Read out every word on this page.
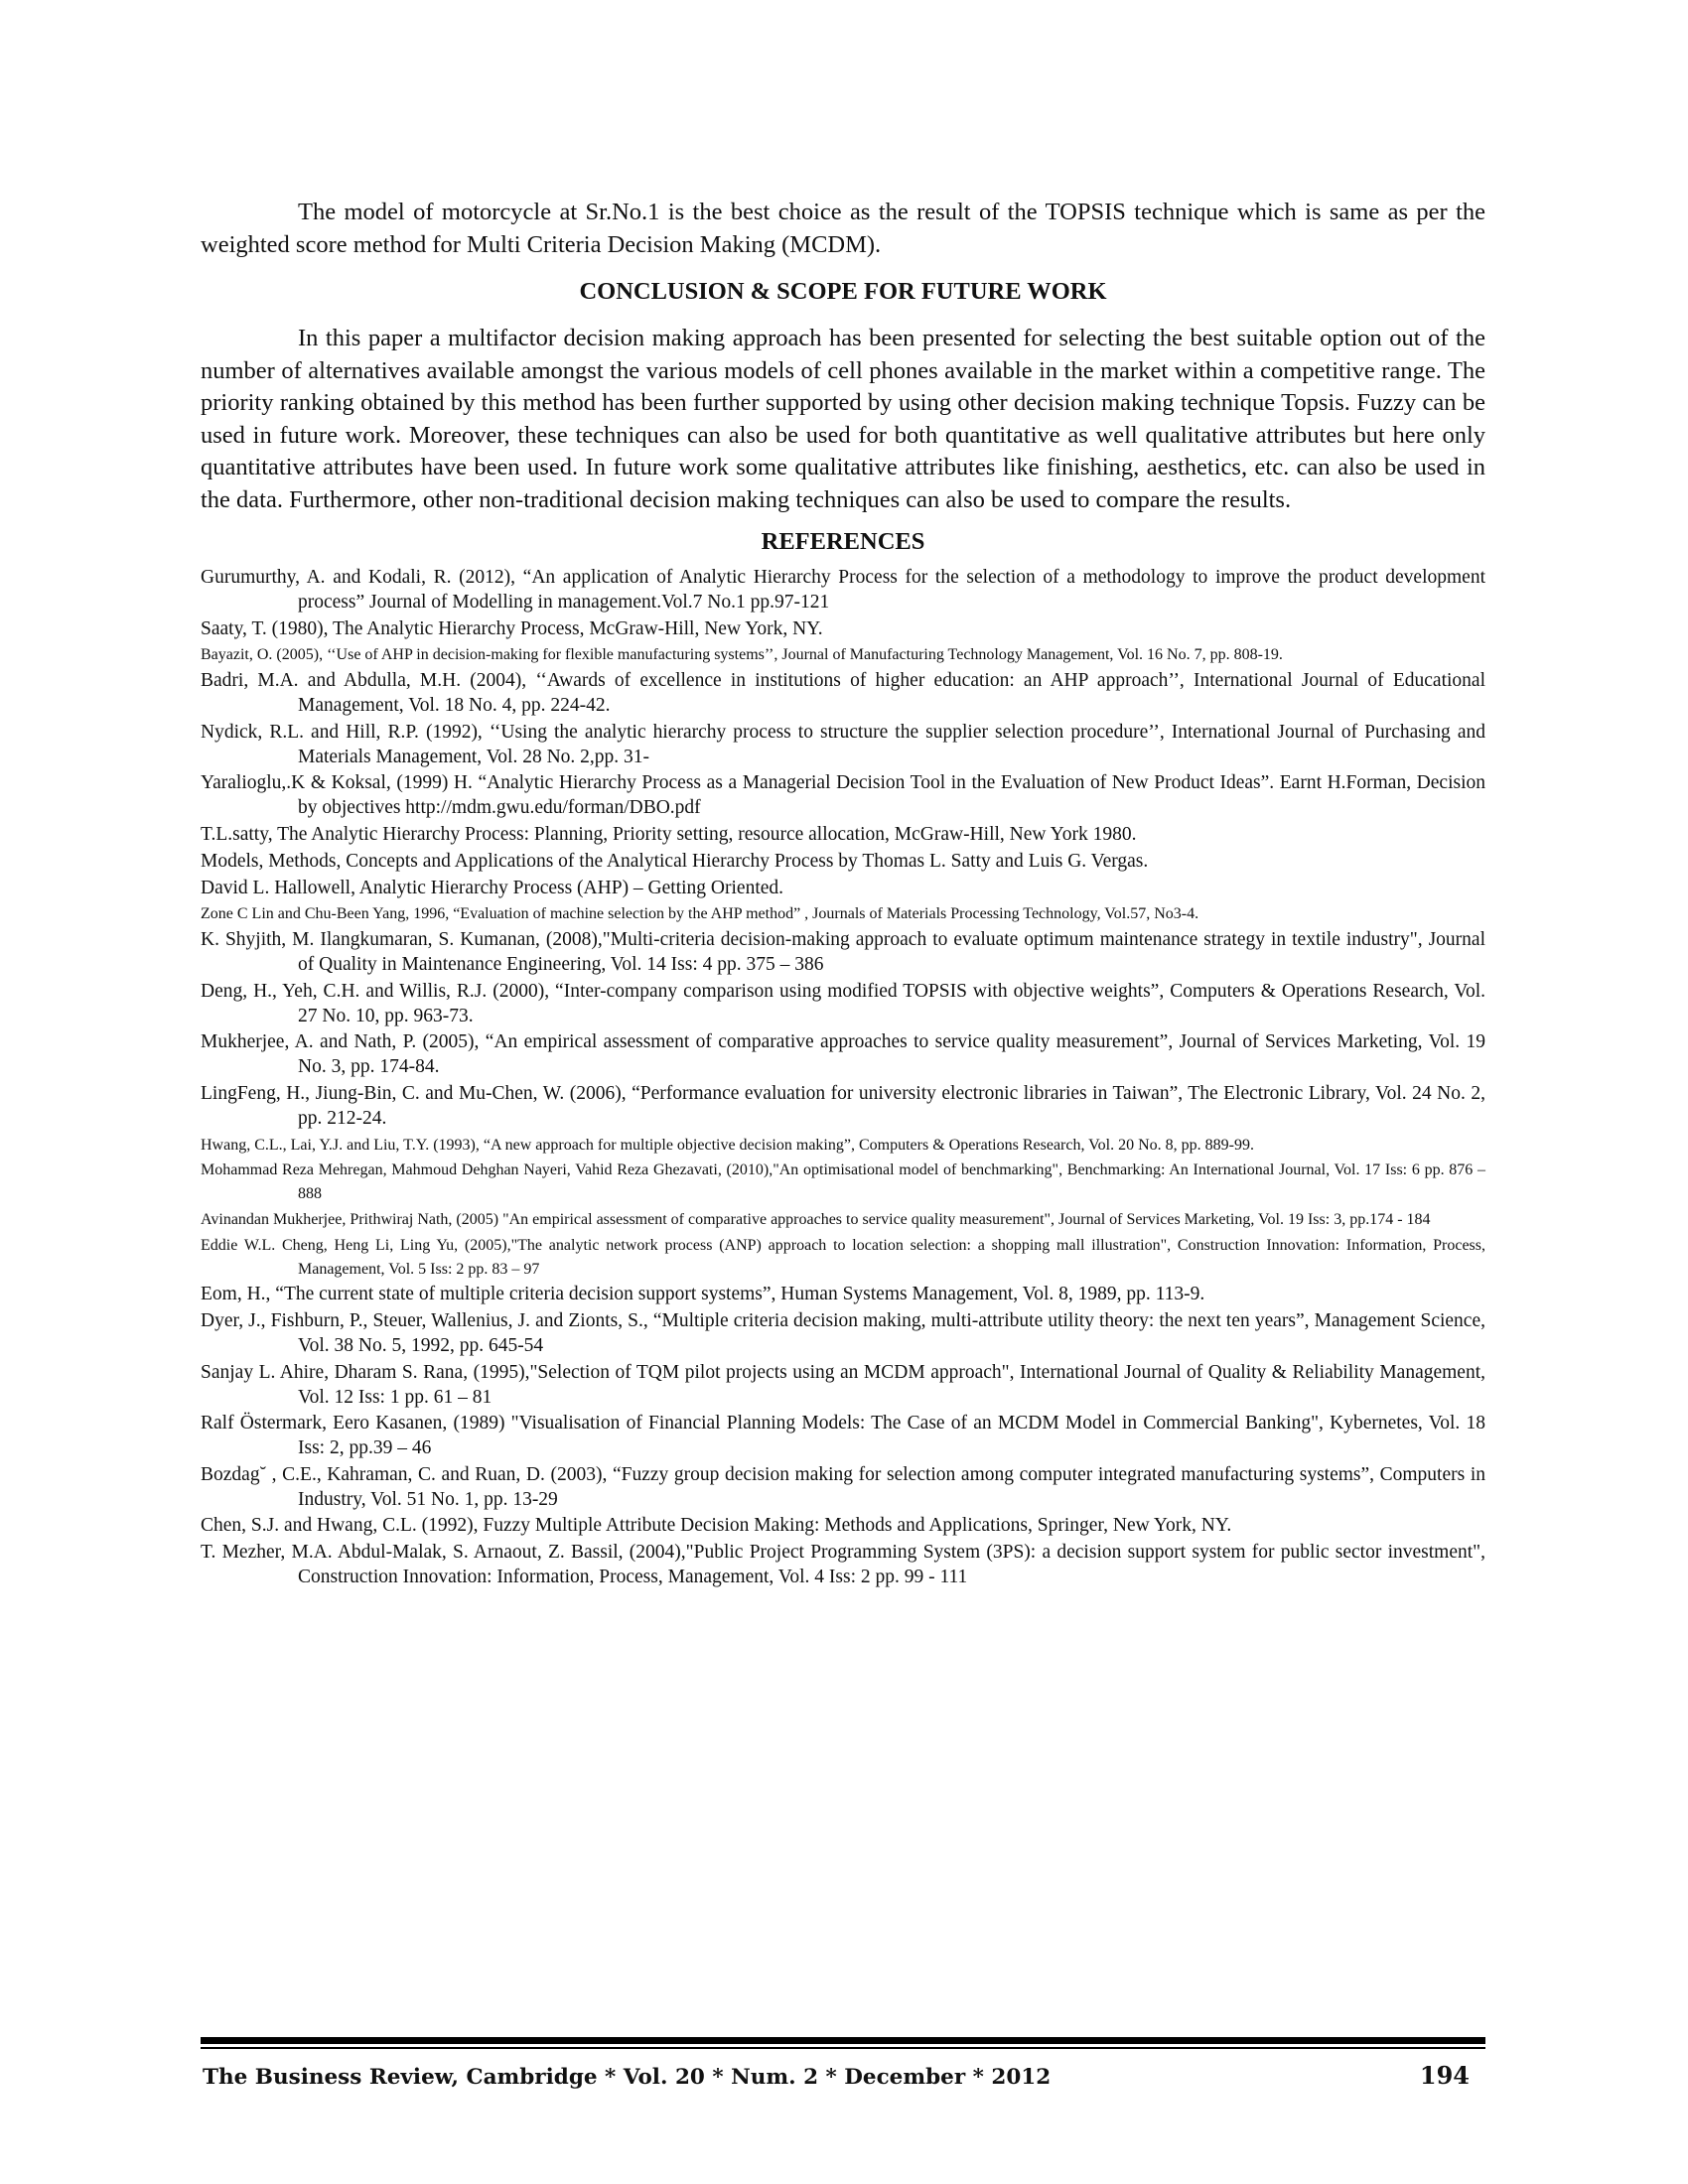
The model of motorcycle at Sr.No.1 is the best choice as the result of the TOPSIS technique which is same as per the weighted score method for Multi Criteria Decision Making (MCDM).

CONCLUSION & SCOPE FOR FUTURE WORK

In this paper a multifactor decision making approach has been presented for selecting the best suitable option out of the number of alternatives available amongst the various models of cell phones available in the market within a competitive range. The priority ranking obtained by this method has been further supported by using other decision making technique Topsis. Fuzzy can be used in future work. Moreover, these techniques can also be used for both quantitative as well qualitative attributes but here only quantitative attributes have been used. In future work some qualitative attributes like finishing, aesthetics, etc. can also be used in the data. Furthermore, other non-traditional decision making techniques can also be used to compare the results.

REFERENCES
Gurumurthy, A. and Kodali, R. (2012), “An application of Analytic Hierarchy Process for the selection of a methodology to improve the product development process” Journal of Modelling in management.Vol.7 No.1 pp.97-121
Saaty, T. (1980), The Analytic Hierarchy Process, McGraw-Hill, New York, NY.
Bayazit, O. (2005), ‘‘Use of AHP in decision-making for flexible manufacturing systems’’, Journal of Manufacturing Technology Management, Vol. 16 No. 7, pp. 808-19.
Badri, M.A. and Abdulla, M.H. (2004), ‘‘Awards of excellence in institutions of higher education: an AHP approach’’, International Journal of Educational Management, Vol. 18 No. 4, pp. 224-42.
Nydick, R.L. and Hill, R.P. (1992), ‘‘Using the analytic hierarchy process to structure the supplier selection procedure’’, International Journal of Purchasing and Materials Management, Vol. 28 No. 2,pp. 31-
Yaralioglu,.K & Koksal, (1999) H. “Analytic Hierarchy Process as a Managerial Decision Tool in the Evaluation of New Product Ideas”. Earnt H.Forman, Decision by objectives http://mdm.gwu.edu/forman/DBO.pdf
T.L.satty, The Analytic Hierarchy Process: Planning, Priority setting, resource allocation, McGraw-Hill, New York 1980.
Models, Methods, Concepts and Applications of the Analytical Hierarchy Process by Thomas L. Satty and Luis G. Vergas.
David L. Hallowell, Analytic Hierarchy Process (AHP) – Getting Oriented.
Zone C Lin and Chu-Been Yang, 1996, “Evaluation of machine selection by the AHP method” , Journals of Materials Processing Technology, Vol.57, No3-4.
K. Shyjith, M. Ilangkumaran, S. Kumanan, (2008),"Multi-criteria decision-making approach to evaluate optimum maintenance strategy in textile industry", Journal of Quality in Maintenance Engineering, Vol. 14 Iss: 4 pp. 375 – 386
Deng, H., Yeh, C.H. and Willis, R.J. (2000), “Inter-company comparison using modified TOPSIS with objective weights”, Computers & Operations Research, Vol. 27 No. 10, pp. 963-73.
Mukherjee, A. and Nath, P. (2005), “An empirical assessment of comparative approaches to service quality measurement”, Journal of Services Marketing, Vol. 19 No. 3, pp. 174-84.
LingFeng, H., Jiung-Bin, C. and Mu-Chen, W. (2006), “Performance evaluation for university electronic libraries in Taiwan”, The Electronic Library, Vol. 24 No. 2, pp. 212-24.
Hwang, C.L., Lai, Y.J. and Liu, T.Y. (1993), “A new approach for multiple objective decision making”, Computers & Operations Research, Vol. 20 No. 8, pp. 889-99.
Mohammad Reza Mehregan, Mahmoud Dehghan Nayeri, Vahid Reza Ghezavati, (2010),"An optimisational model of benchmarking", Benchmarking: An International Journal, Vol. 17 Iss: 6 pp. 876 – 888
Avinandan Mukherjee, Prithwiraj Nath, (2005) "An empirical assessment of comparative approaches to service quality measurement", Journal of Services Marketing, Vol. 19 Iss: 3, pp.174 - 184
Eddie W.L. Cheng, Heng Li, Ling Yu, (2005),"The analytic network process (ANP) approach to location selection: a shopping mall illustration", Construction Innovation: Information, Process, Management, Vol. 5 Iss: 2 pp. 83 – 97
Eom, H., “The current state of multiple criteria decision support systems”, Human Systems Management, Vol. 8, 1989, pp. 113-9.
Dyer, J., Fishburn, P., Steuer, Wallenius, J. and Zionts, S., “Multiple criteria decision making, multi-attribute utility theory: the next ten years”, Management Science, Vol. 38 No. 5, 1992, pp. 645-54
Sanjay L. Ahire, Dharam S. Rana, (1995),"Selection of TQM pilot projects using an MCDM approach", International Journal of Quality & Reliability Management, Vol. 12 Iss: 1 pp. 61 – 81
Ralf Östermark, Eero Kasanen, (1989) "Visualisation of Financial Planning Models: The Case of an MCDM Model in Commercial Banking", Kybernetes, Vol. 18 Iss: 2, pp.39 – 46
Bozdag˘ , C.E., Kahraman, C. and Ruan, D. (2003), “Fuzzy group decision making for selection among computer integrated manufacturing systems”, Computers in Industry, Vol. 51 No. 1, pp. 13-29
Chen, S.J. and Hwang, C.L. (1992), Fuzzy Multiple Attribute Decision Making: Methods and Applications, Springer, New York, NY.
T. Mezher, M.A. Abdul-Malak, S. Arnaout, Z. Bassil, (2004),"Public Project Programming System (3PS): a decision support system for public sector investment", Construction Innovation: Information, Process, Management, Vol. 4 Iss: 2 pp. 99 - 111
The Business Review, Cambridge * Vol. 20 * Num. 2 * December * 2012	194
